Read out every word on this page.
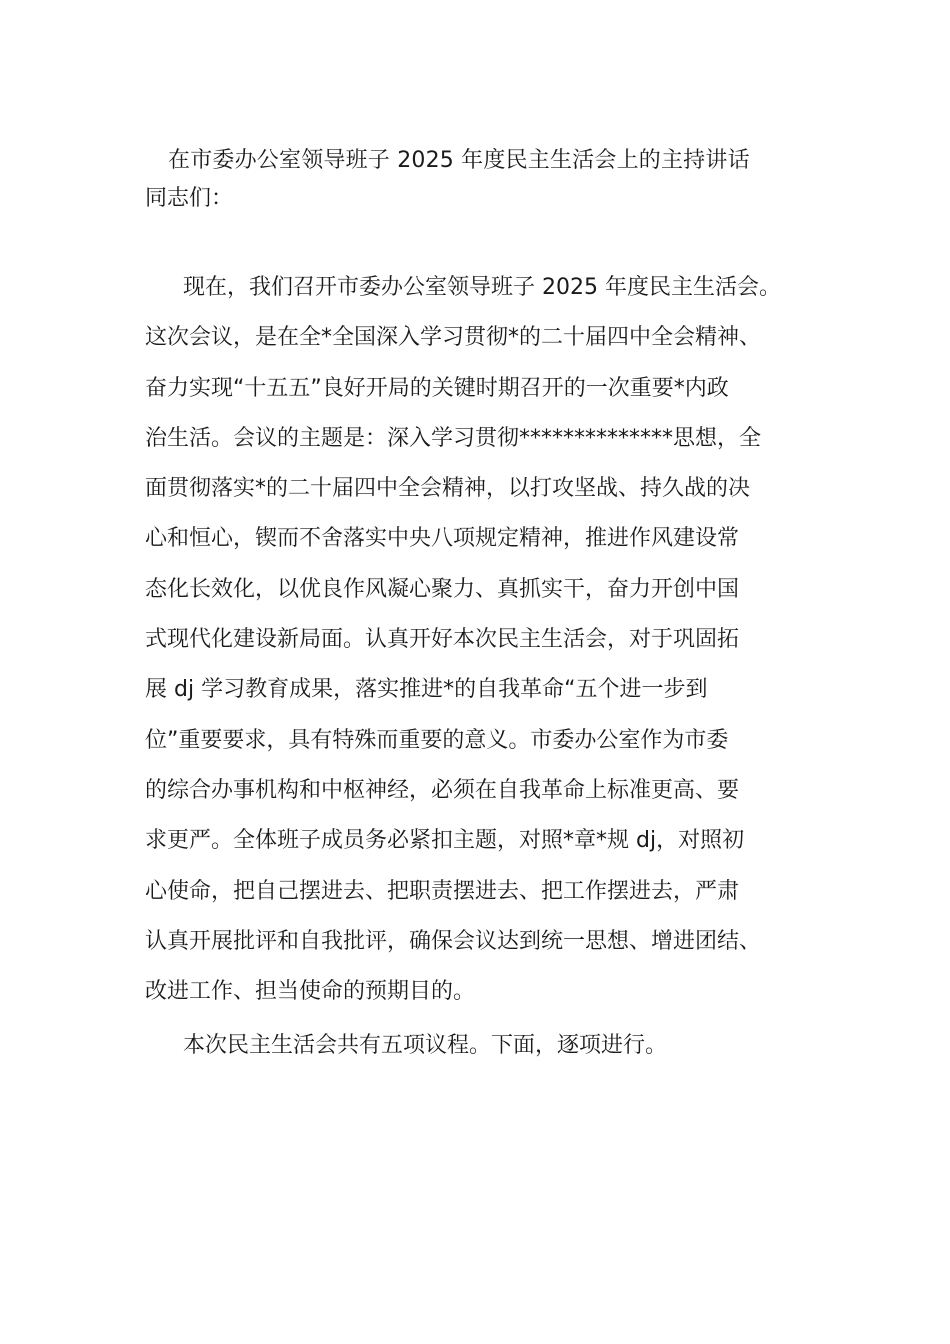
在市委办公室领导班子 2025 年度民主生活会上的主持讲话
同志们：
现在，我们召开市委办公室领导班子 2025 年度民主生活会。
这次会议，是在全*全国深入学习贯彻*的二十届四中全会精神、
奋力实现“十五五”良好开局的关键时期召开的一次重要*内政
治生活。会议的主题是：深入学习贯彻**************思想，全
面贯彻落实*的二十届四中全会精神，以打攻坚战、持久战的决
心和恒心，锲而不舍落实中央八项规定精神，推进作风建设常
态化长效化，以优良作风凝心聚力、真抓实干，奋力开创中国
式现代化建设新局面。认真开好本次民主生活会，对于巩固拓
展 dj 学习教育成果，落实推进*的自我革命“五个进一步到
位”重要要求，具有特殊而重要的意义。市委办公室作为市委
的综合办事机构和中枢神经，必须在自我革命上标准更高、要
求更严。全体班子成员务必紧扣主题，对照*章*规 dj，对照初
心使命，把自己摆进去、把职责摆进去、把工作摆进去，严肃
认真开展批评和自我批评，确保会议达到统一思想、增进团结、
改进工作、担当使命的预期目的。
本次民主生活会共有五项议程。下面，逐项进行。
